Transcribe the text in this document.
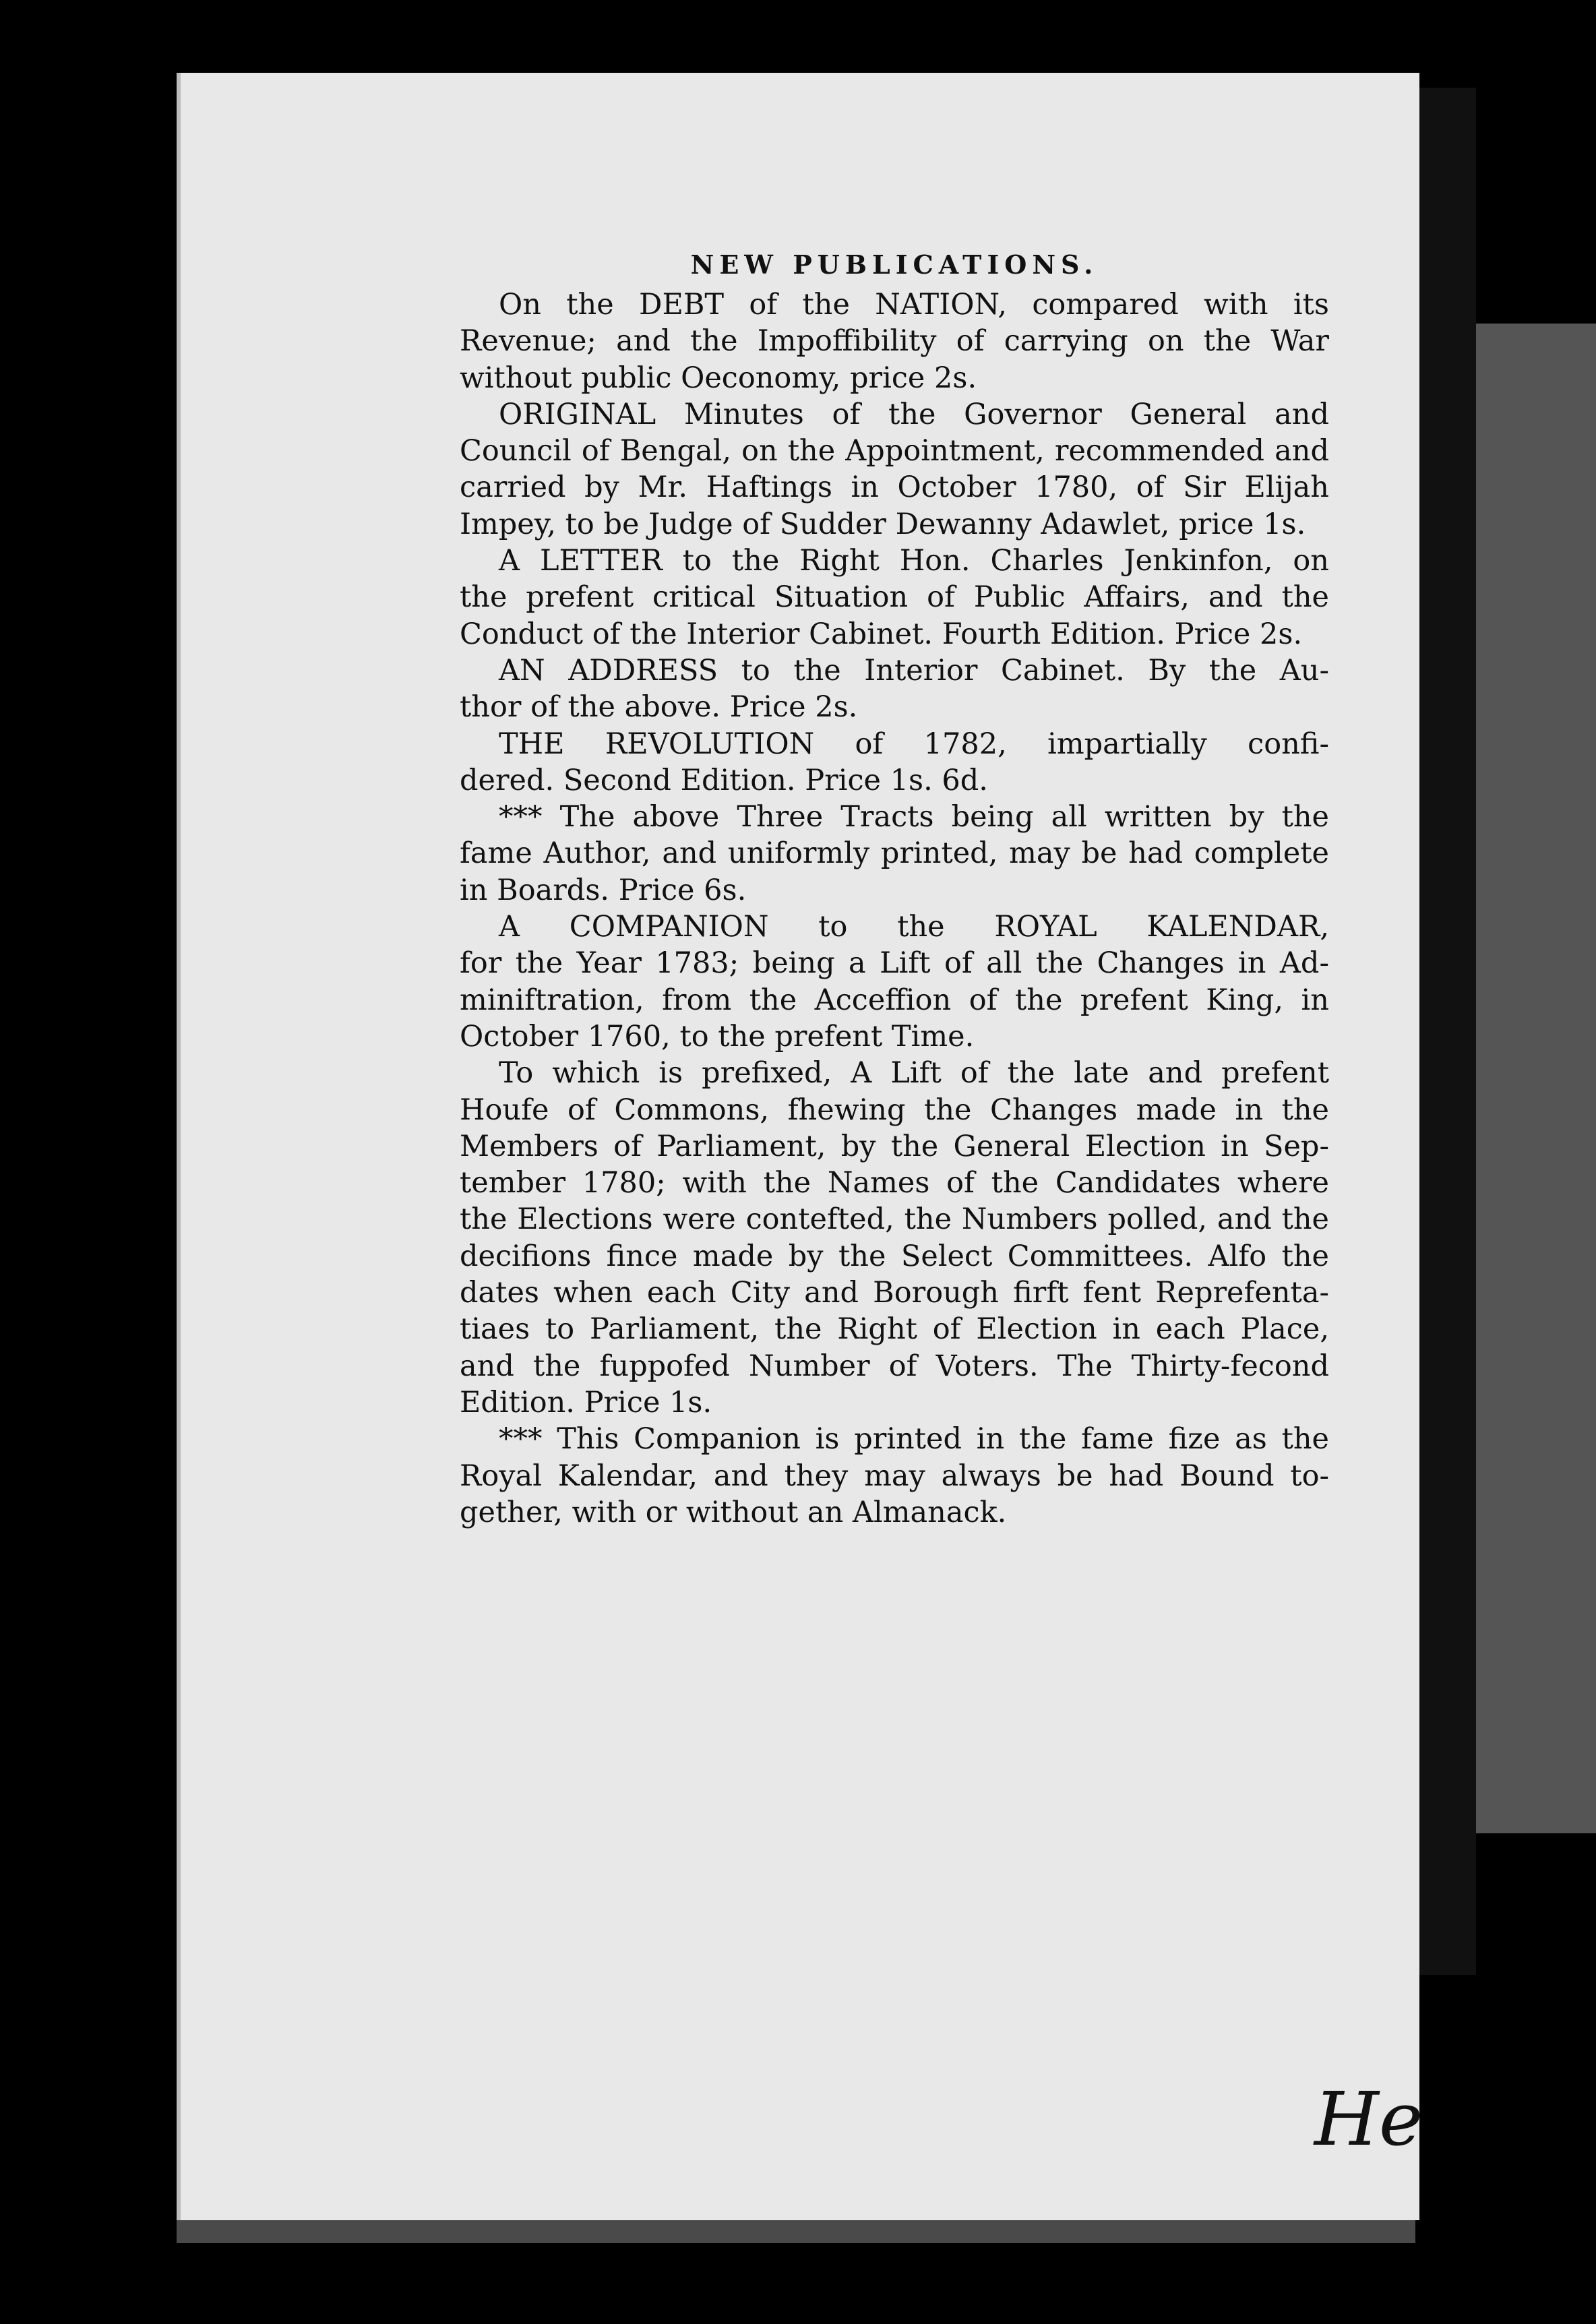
NEW PUBLICATIONS.
On the DEBT of the NATION, compared with its
Revenue; and the Impoffibility of carrying on the War
without public Oeconomy, price 2s.
ORIGINAL Minutes of the Governor General and
Council of Bengal, on the Appointment, recommended and
carried by Mr. Haftings in October 1780, of Sir Elijah
Impey, to be Judge of Sudder Dewanny Adawlet, price 1s.
A LETTER to the Right Hon. Charles Jenkinfon, on
the prefent critical Situation of Public Affairs, and the
Conduct of the Interior Cabinet. Fourth Edition. Price 2s.
AN ADDRESS to the Interior Cabinet. By the Au-
thor of the above. Price 2s.
THE REVOLUTION of 1782, impartially confi-
dered. Second Edition. Price 1s. 6d.
*** The above Three Tracts being all written by the
fame Author, and uniformly printed, may be had complete
in Boards. Price 6s.
A COMPANION to the ROYAL KALENDAR,
for the Year 1783; being a Lift of all the Changes in Ad-
miniftration, from the Acceffion of the prefent King, in
October 1760, to the prefent Time.
To which is prefixed, A Lift of the late and prefent
Houfe of Commons, fhewing the Changes made in the
Members of Parliament, by the General Election in Sep-
tember 1780; with the Names of the Candidates where
the Elections were contefted, the Numbers polled, and the
decifions fince made by the Select Committees. Alfo the
dates when each City and Borough firft fent Reprefenta-
tiaes to Parliament, the Right of Election in each Place,
and the fuppofed Number of Voters. The Thirty-fecond
Edition. Price 1s.
*** This Companion is printed in the fame fize as the
Royal Kalendar, and they may always be had Bound to-
gether, with or without an Almanack.
He
